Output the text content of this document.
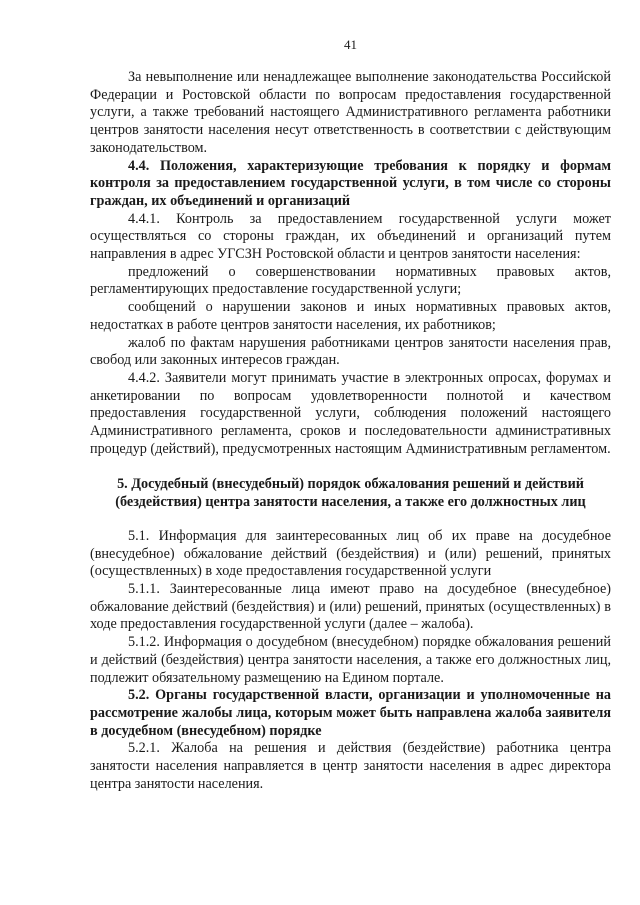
41

За невыполнение или ненадлежащее выполнение законодательства Российской Федерации и Ростовской области по вопросам предоставления государственной услуги, а также требований настоящего Административного регламента работники центров занятости населения несут ответственность в соответствии с действующим законодательством.

4.4. Положения, характеризующие требования к порядку и формам контроля за предоставлением государственной услуги, в том числе со стороны граждан, их объединений и организаций

4.4.1. Контроль за предоставлением государственной услуги может осуществляться со стороны граждан, их объединений и организаций путем направления в адрес УГСЗН Ростовской области и центров занятости населения:

предложений о совершенствовании нормативных правовых актов, регламентирующих предоставление государственной услуги;

сообщений о нарушении законов и иных нормативных правовых актов, недостатках в работе центров занятости населения, их работников;

жалоб по фактам нарушения работниками центров занятости населения прав, свобод или законных интересов граждан.

4.4.2. Заявители могут принимать участие в электронных опросах, форумах и анкетировании по вопросам удовлетворенности полнотой и качеством предоставления государственной услуги, соблюдения положений настоящего Административного регламента, сроков и последовательности административных процедур (действий), предусмотренных настоящим Административным регламентом.

5. Досудебный (внесудебный) порядок обжалования решений и действий (бездействия) центра занятости населения, а также его должностных лиц

5.1. Информация для заинтересованных лиц об их праве на досудебное (внесудебное) обжалование действий (бездействия) и (или) решений, принятых (осуществленных) в ходе предоставления государственной услуги

5.1.1. Заинтересованные лица имеют право на досудебное (внесудебное) обжалование действий (бездействия) и (или) решений, принятых (осуществленных) в ходе предоставления государственной услуги (далее – жалоба).

5.1.2. Информация о досудебном (внесудебном) порядке обжалования решений и действий (бездействия) центра занятости населения, а также его должностных лиц, подлежит обязательному размещению на Едином портале.

5.2. Органы государственной власти, организации и уполномоченные на рассмотрение жалобы лица, которым может быть направлена жалоба заявителя в досудебном (внесудебном) порядке

5.2.1. Жалоба на решения и действия (бездействие) работника центра занятости населения направляется в центр занятости населения в адрес директора центра занятости населения.
